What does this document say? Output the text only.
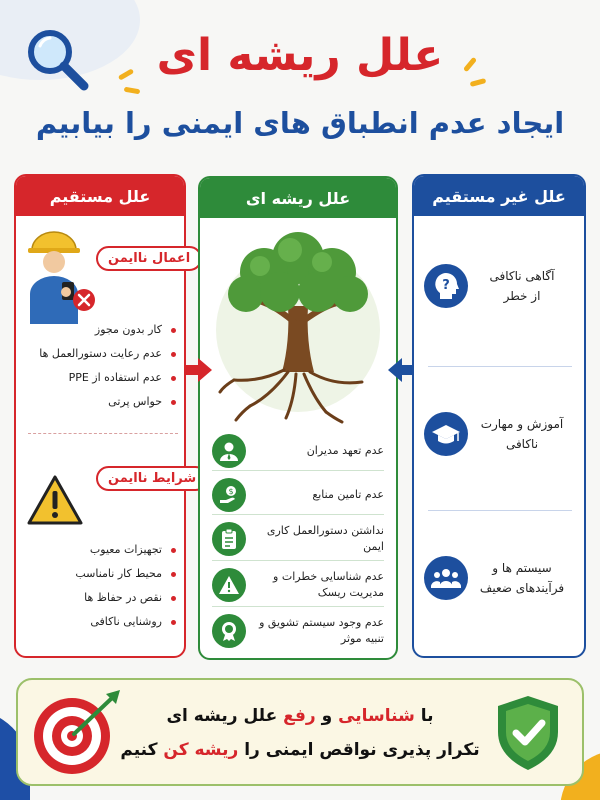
علل ریشه ای
ایجاد عدم انطباق های ایمنی را بیابیم
علل مستقیم
اعمال ناایمن
کار بدون مجوز
عدم رعایت دستورالعمل ها
عدم استفاده از PPE
حواس پرتی
شرایط ناایمن
تجهیزات معیوب
محیط کار نامناسب
نقص در حفاظ ها
روشنایی ناکافی
علل ریشه ای
عدم تعهد مدیران
$	عدم تامین منابع
نداشتن دستورالعمل کاری ایمن
عدم شناسایی خطرات و مدیریت ریسک
عدم وجود سیستم تشویق و تنبیه موثر
علل غیر مستقیم
?
آگاهی ناکافی
از خطر
آموزش و مهارت
ناکافی
سیستم ها و
فرآیندهای ضعیف
با شناسایی و رفع علل ریشه ای
تکرار پذیری نواقص ایمنی را ریشه کن کنیم
